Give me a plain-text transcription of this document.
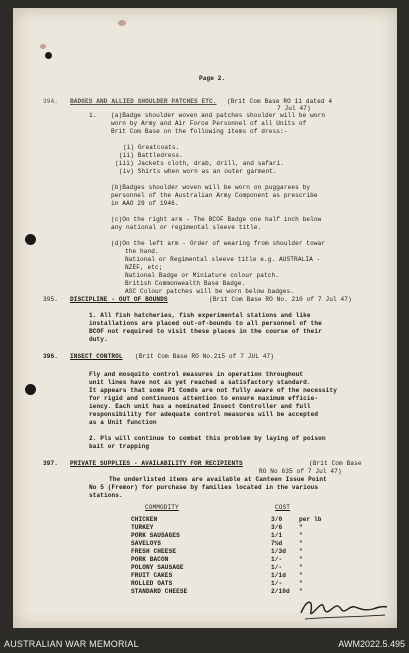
Page 2.
394. BADGES AND ALLIED SHOULDER PATCHES ETC. (Brit Com Base RO 11 dated 4
7 Jul 47)
1. (a)Badge shoulder woven and patches shoulder will be worn
worn by Army and Air Force Personnel of all Units of
Brit Com Base on the following items of dress:-
(i) Greatcoats.
(ii) Battledress.
(iii) Jackets cloth, drab, drill, and safari.
(iv) Shirts when worn as an outer garment.
(b)Badges shoulder woven will be worn on puggarees by
personnel of the Australian Army Component as prescribe
in AAO 29 of 1946.
(c)On the right arm - The BCOF Badge one half inch below
any national or regimental sleeve title.
(d)On the left arm - Order of wearing from shoulder towar
the hand.
National or Regimental sleeve title e.g. AUSTRALIA -
NZEF, etc;
National Badge or Miniature colour patch.
British Commonwealth Base Badge.
ASC Colour patches will be worn below badges.
395. DISCIPLINE - OUT OF BOUNDS	(Brit Com Base RO No. 210 of 7 Jul 47)
1. All fish hatcheries, fish experimental stations and like
installations are placed out-of-bounds to all personnel of the
BCOF not required to visit these places in the course of their
duty.
396. INSECT CONTROL (Brit Com Base RO No.215 of 7 JUL 47)
Fly and mosquito control measures in operation throughout
unit lines have not as yet reached a satisfactory standard.
It appears that some P1 Comds are not fully aware of the necessity
for rigid and continuous attention to ensure maximum efficie-
iency. Each unit has a nominated Insect Controller and full
responsibility for adequate control measures will be accepted
as a Unit function
2. Pls will continue to combat this problem by laying of poison
bait or trapping
397. PRIVATE SUPPLIES - AVAILABILITY FOR RECIPIENTS	(Brit Com Base
RO No 635 of 7 Jul 47)
The underlisted items are available at Canteen Issue Point
No 5 (Fremor) for purchase by families located in the various
stations.
COMMODITY	COST
CHICKEN	3/0	per lb
TURKEY	3/6	"
PORK SAUSAGES	1/1	"
SAVELOYS	7½d	"
FRESH CHEESE	1/3d "
PORK BACON	1/-	"
POLONY SAUSAGE	1/-	"
FRUIT CAKES	1/1d "
ROLLED OATS	1/-	"
STANDARD CHEESE	2/10d "
AUSTRALIAN WAR MEMORIAL	AWM2022.5.495
